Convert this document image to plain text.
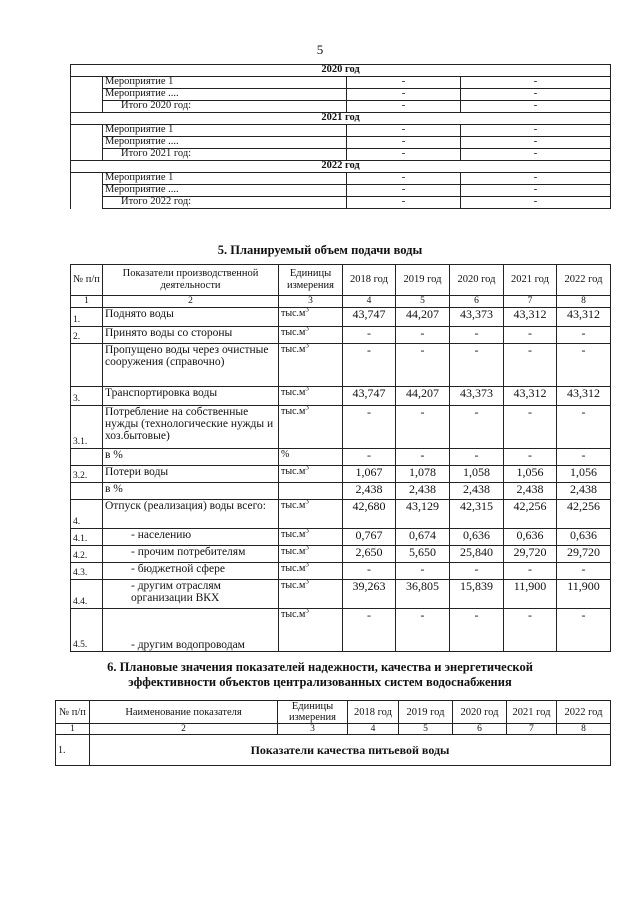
5
2020 год			
	Мероприятие 1	-	-
	Мероприятие ....	-	-
	Итого 2020 год:	-	-
2021 год			
	Мероприятие 1	-	-
	Мероприятие ....	-	-
	Итого 2021 год:	-	-
2022 год			
	Мероприятие 1	-	-
	Мероприятие ....	-	-
	Итого 2022 год:	-	-
5. Планируемый объем подачи воды
№ п/п	Показатели производственной деятельности	Единицы измерения	2018 год	2019 год	2020 год	2021 год	2022 год
1	2	3	4	5	6	7	8
1.	Поднято воды	$тыс.м^3$	43,747	44,207	43,373	43,312	43,312
2.	Принято воды со стороны	$тыс.м^3$	-	-	-	-	-
	Пропущено воды через очистные сооружения (справочно)	$тыс.м^3$	-	-	-	-	-
3.	Транспортировка воды	$тыс.м^3$	43,747	44,207	43,373	43,312	43,312
3.1.	Потребление на собственные нужды (технологические нужды и хоз.бытовые)	$тыс.м^3$	-	-	-	-	-
	в %	%	-	-	-	-	-
3.2.	Потери воды	$тыс.м^3$	1,067	1,078	1,058	1,056	1,056
	в %		2,438	2,438	2,438	2,438	2,438
4.	Отпуск (реализация) воды всего:	$тыс.м^3$	42,680	43,129	42,315	42,256	42,256
4.1.	- населению	$тыс.м^3$	0,767	0,674	0,636	0,636	0,636
4.2.	- прочим потребителям	$тыс.м^3$	2,650	5,650	25,840	29,720	29,720
4.3.	- бюджетной сфере	$тыс.м^3$	-	-	-	-	-
4.4.	- другим отраслям организации ВКХ	$тыс.м^3$	39,263	36,805	15,839	11,900	11,900
4.5.	- другим водопроводам	$тыс.м^3$	-	-	-	-	-
6. Плановые значения показателей надежности, качества и энергетической
эффективности объектов централизованных систем водоснабжения
№ п/п	Наименование показателя	Единицы измерения	2018 год	2019 год	2020 год	2021 год	2022 год
1	2	3	4	5	6	7	8
1.	Показатели качества питьевой воды						
